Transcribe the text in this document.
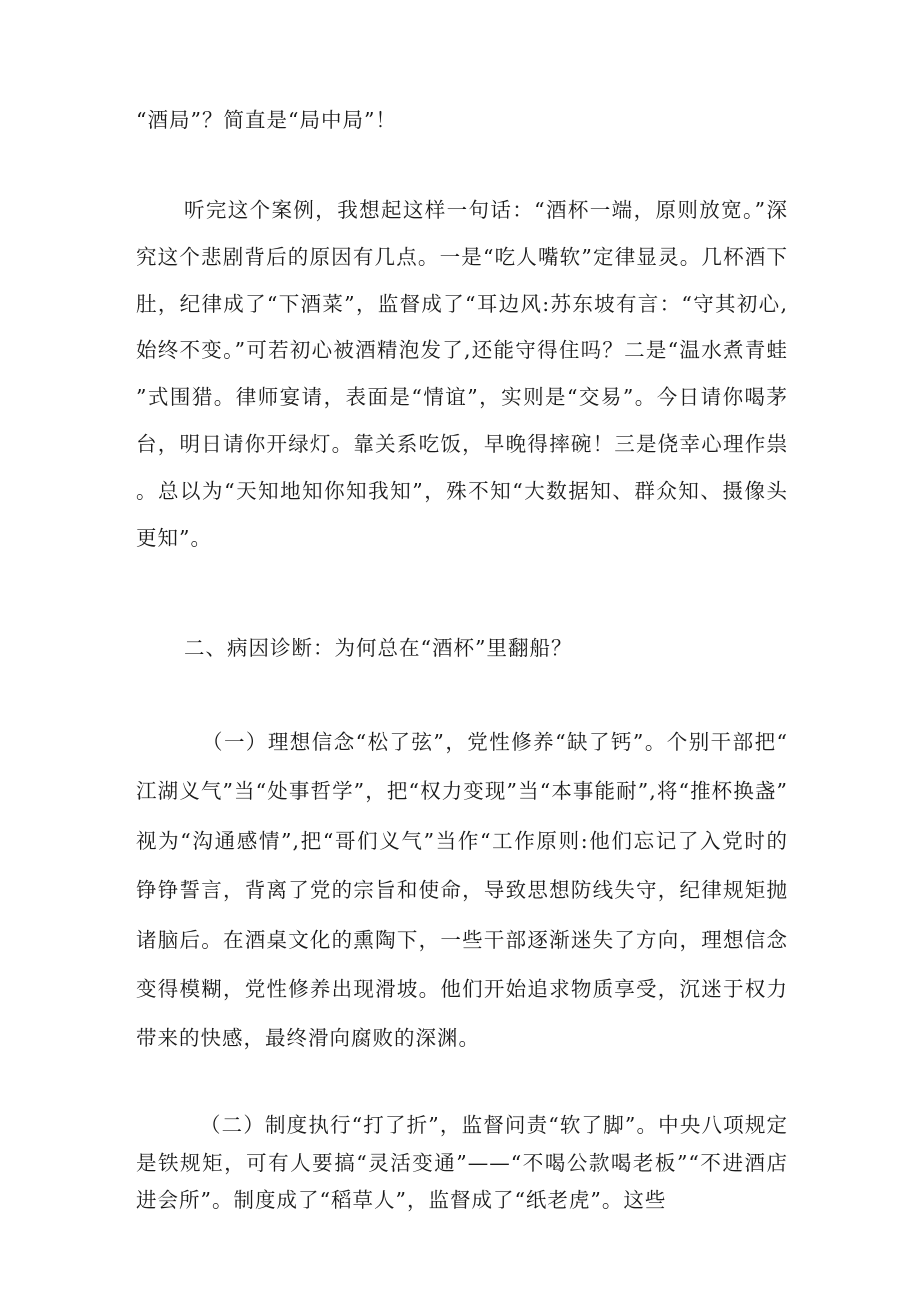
“酒局”？简直是“局中局”！

听完这个案例，我想起这样一句话：“酒杯一端，原则放宽。”深究这个悲剧背后的原因有几点。一是“吃人嘴软”定律显灵。几杯酒下肚，纪律成了“下酒菜”，监督成了“耳边风:苏东坡有言：“守其初心,始终不变。”可若初心被酒精泡发了,还能守得住吗？二是“温水煮青蛙”式围猎。律师宴请，表面是“情谊”，实则是“交易”。今日请你喝茅台，明日请你开绿灯。靠关系吃饭，早晚得摔碗！三是侥幸心理作祟。总以为“天知地知你知我知”，殊不知“大数据知、群众知、摄像头更知”。

二、病因诊断：为何总在“酒杯”里翻船？

（一）理想信念“松了弦”，党性修养“缺了钙”。个别干部把“江湖义气”当“处事哲学”，把“权力变现”当“本事能耐”,将“推杯换盏”视为“沟通感情”,把“哥们义气”当作“工作原则:他们忘记了入党时的铮铮誓言，背离了党的宗旨和使命，导致思想防线失守，纪律规矩抛诸脑后。在酒桌文化的熏陶下，一些干部逐渐迷失了方向，理想信念变得模糊，党性修养出现滑坡。他们开始追求物质享受，沉迷于权力带来的快感，最终滑向腐败的深渊。

（二）制度执行“打了折”，监督问责“软了脚”。中央八项规定是铁规矩，可有人要搞“灵活变通”——“不喝公款喝老板”“不进酒店进会所”。制度成了“稻草人”，监督成了“纸老虎”。这些
